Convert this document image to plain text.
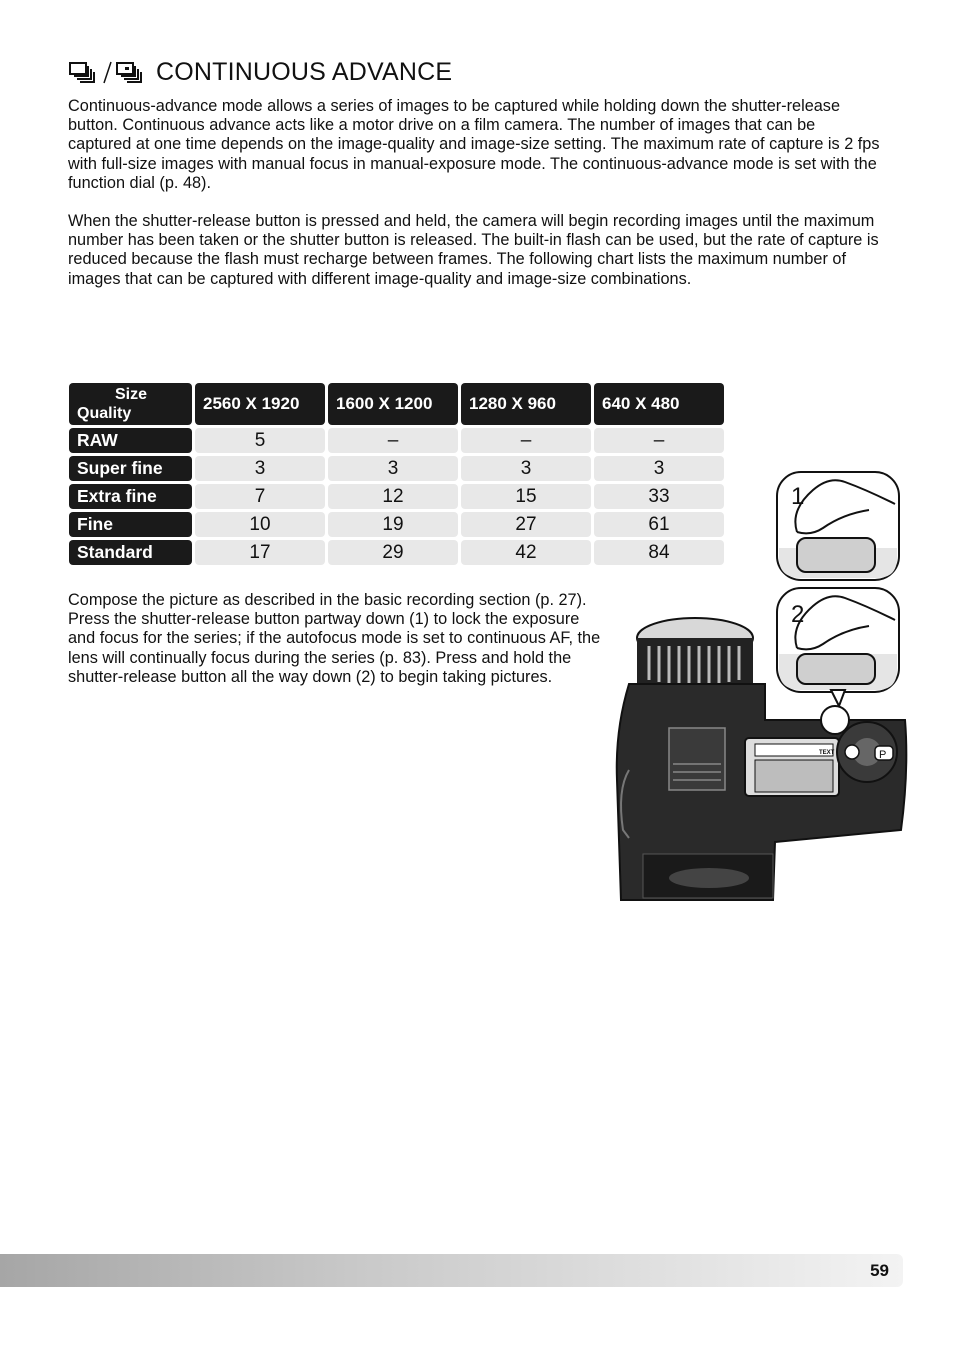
CONTINUOUS ADVANCE

Continuous-advance mode allows a series of images to be captured while holding down the shutter-release button. Continuous advance acts like a motor drive on a film camera. The number of images that can be captured at one time depends on the image-quality and image-size setting. The maximum rate of capture is 2 fps with full-size images with manual focus in manual-exposure mode. The continuous-advance mode is set with the function dial (p. 48).

When the shutter-release button is pressed and held, the camera will begin recording images until the maximum number has been taken or the shutter button is released. The built-in flash can be used, but the rate of capture is reduced because the flash must recharge between frames. The following chart lists the maximum number of images that can be captured with different image-quality and image-size combinations.

Size
Quality	2560 X 1920	1600 X 1200	1280 X 960	640 X 480
RAW	5	–	–	–
Super fine	3	3	3	3
Extra fine	7	12	15	33
Fine	10	19	27	61
Standard	17	29	42	84

Compose the picture as described in the basic recording section (p. 27). Press the shutter-release button partway down (1) to lock the exposure and focus for the series; if the autofocus mode is set to continuous AF, the lens will continually focus during the series (p. 83). Press and hold the shutter-release button all the way down (2) to begin taking pictures.

1
2
TEXT	P
59
